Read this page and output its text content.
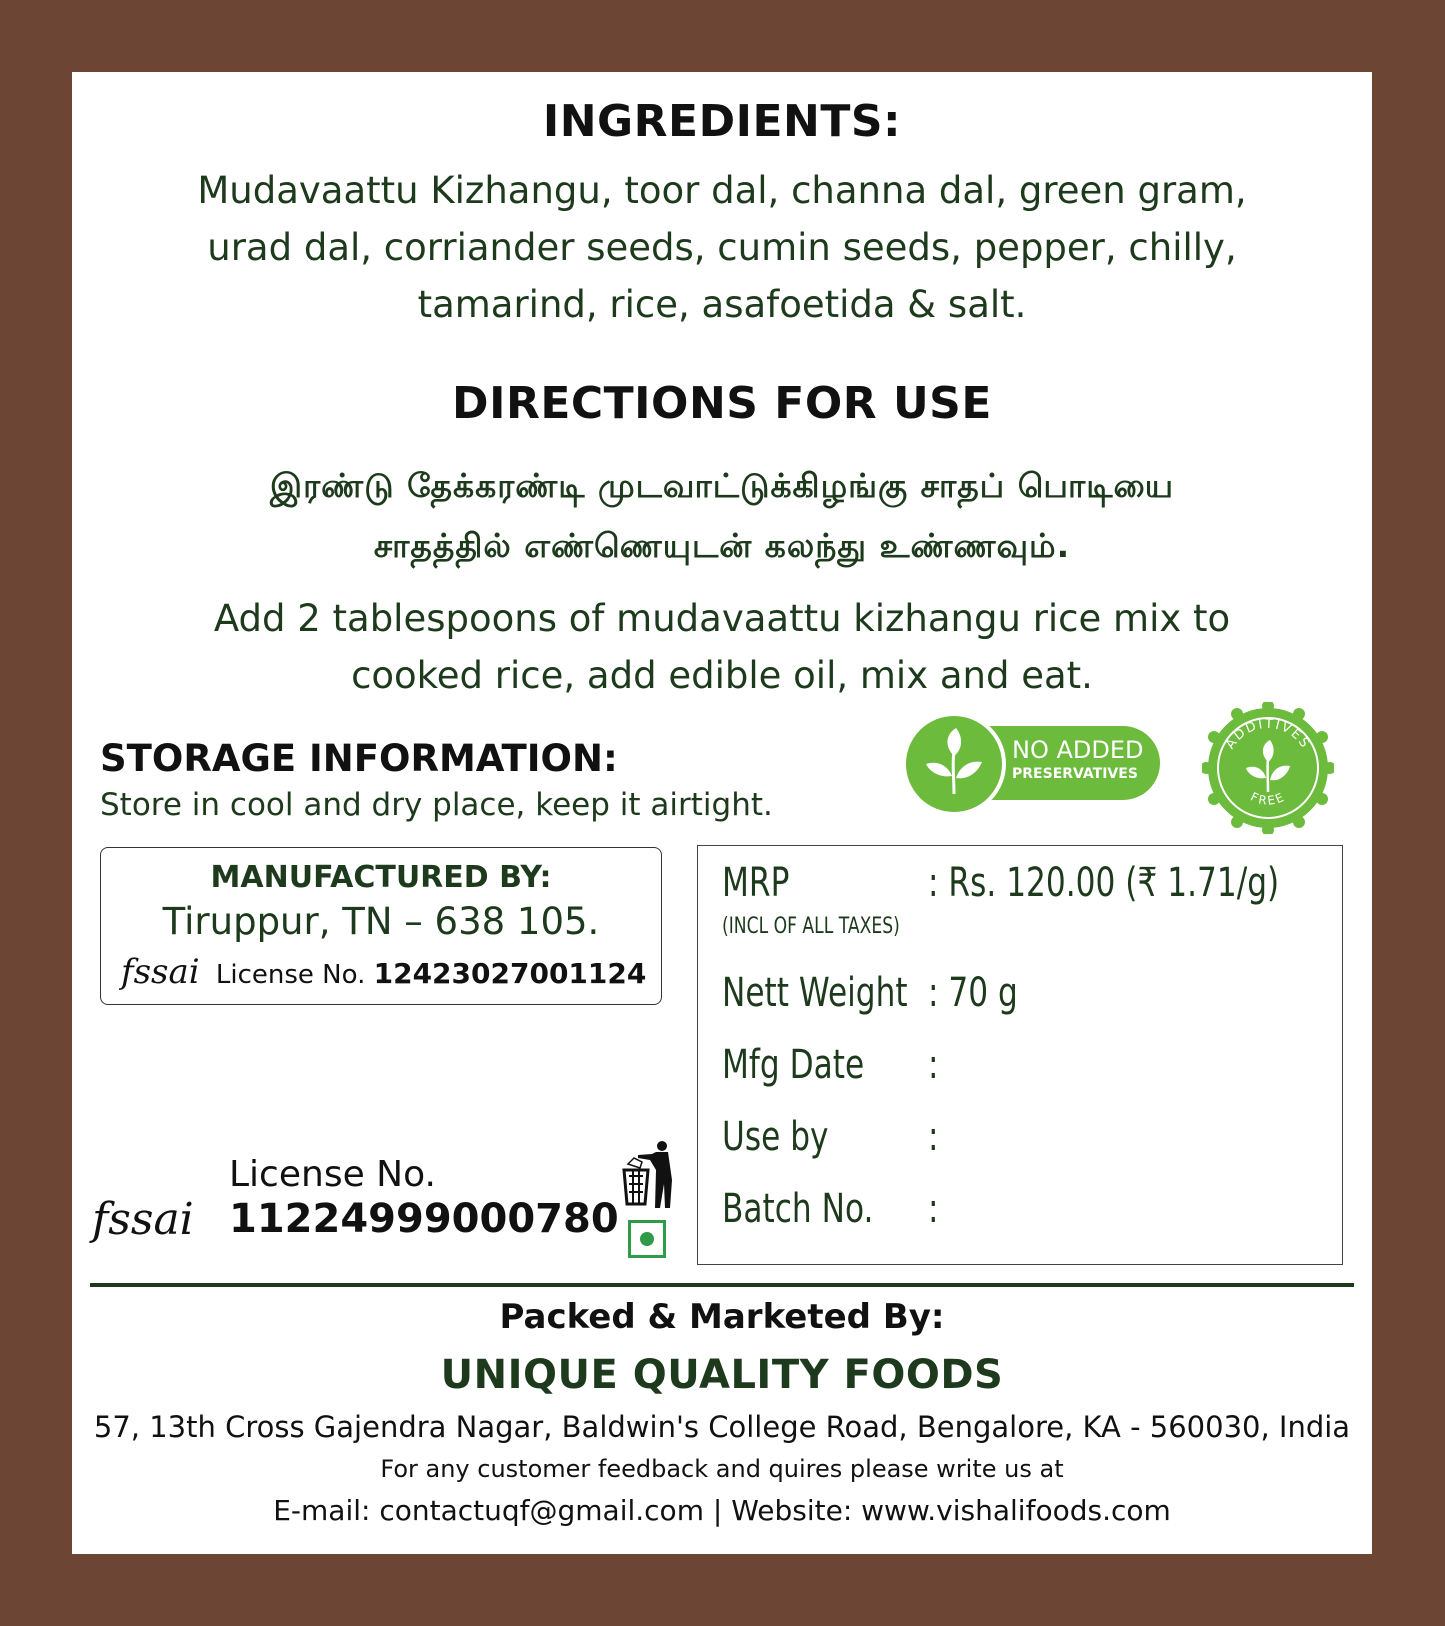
INGREDIENTS:
Mudavaattu Kizhangu, toor dal, channa dal, green gram,
urad dal, corriander seeds, cumin seeds, pepper, chilly,
tamarind, rice, asafoetida & salt.
DIRECTIONS FOR USE
இரண்டு தேக்கரண்டி முடவாட்டுக்கிழங்கு சாதப் பொடியை
சாதத்தில் எண்ணெயுடன் கலந்து உண்ணவும்.
Add 2 tablespoons of mudavaattu kizhangu rice mix to
cooked rice, add edible oil, mix and eat.
STORAGE INFORMATION:
Store in cool and dry place, keep it airtight.
NO ADDED
PRESERVATIVES
ADDITIVES
FREE
MANUFACTURED BY:
Tiruppur, TN – 638 105.
fssai License No. 12423027001124
MRP
(INCL OF ALL TAXES)
: Rs. 120.00 (₹ 1.71/g)
Nett Weight : 70 g
Mfg Date :
Use by :
Batch No. :
fssai
License No.
11224999000780
Packed & Marketed By:
UNIQUE QUALITY FOODS
57, 13th Cross Gajendra Nagar, Baldwin's College Road, Bengalore, KA - 560030, India
For any customer feedback and quires please write us at
E-mail: contactuqf@gmail.com | Website: www.vishalifoods.com
